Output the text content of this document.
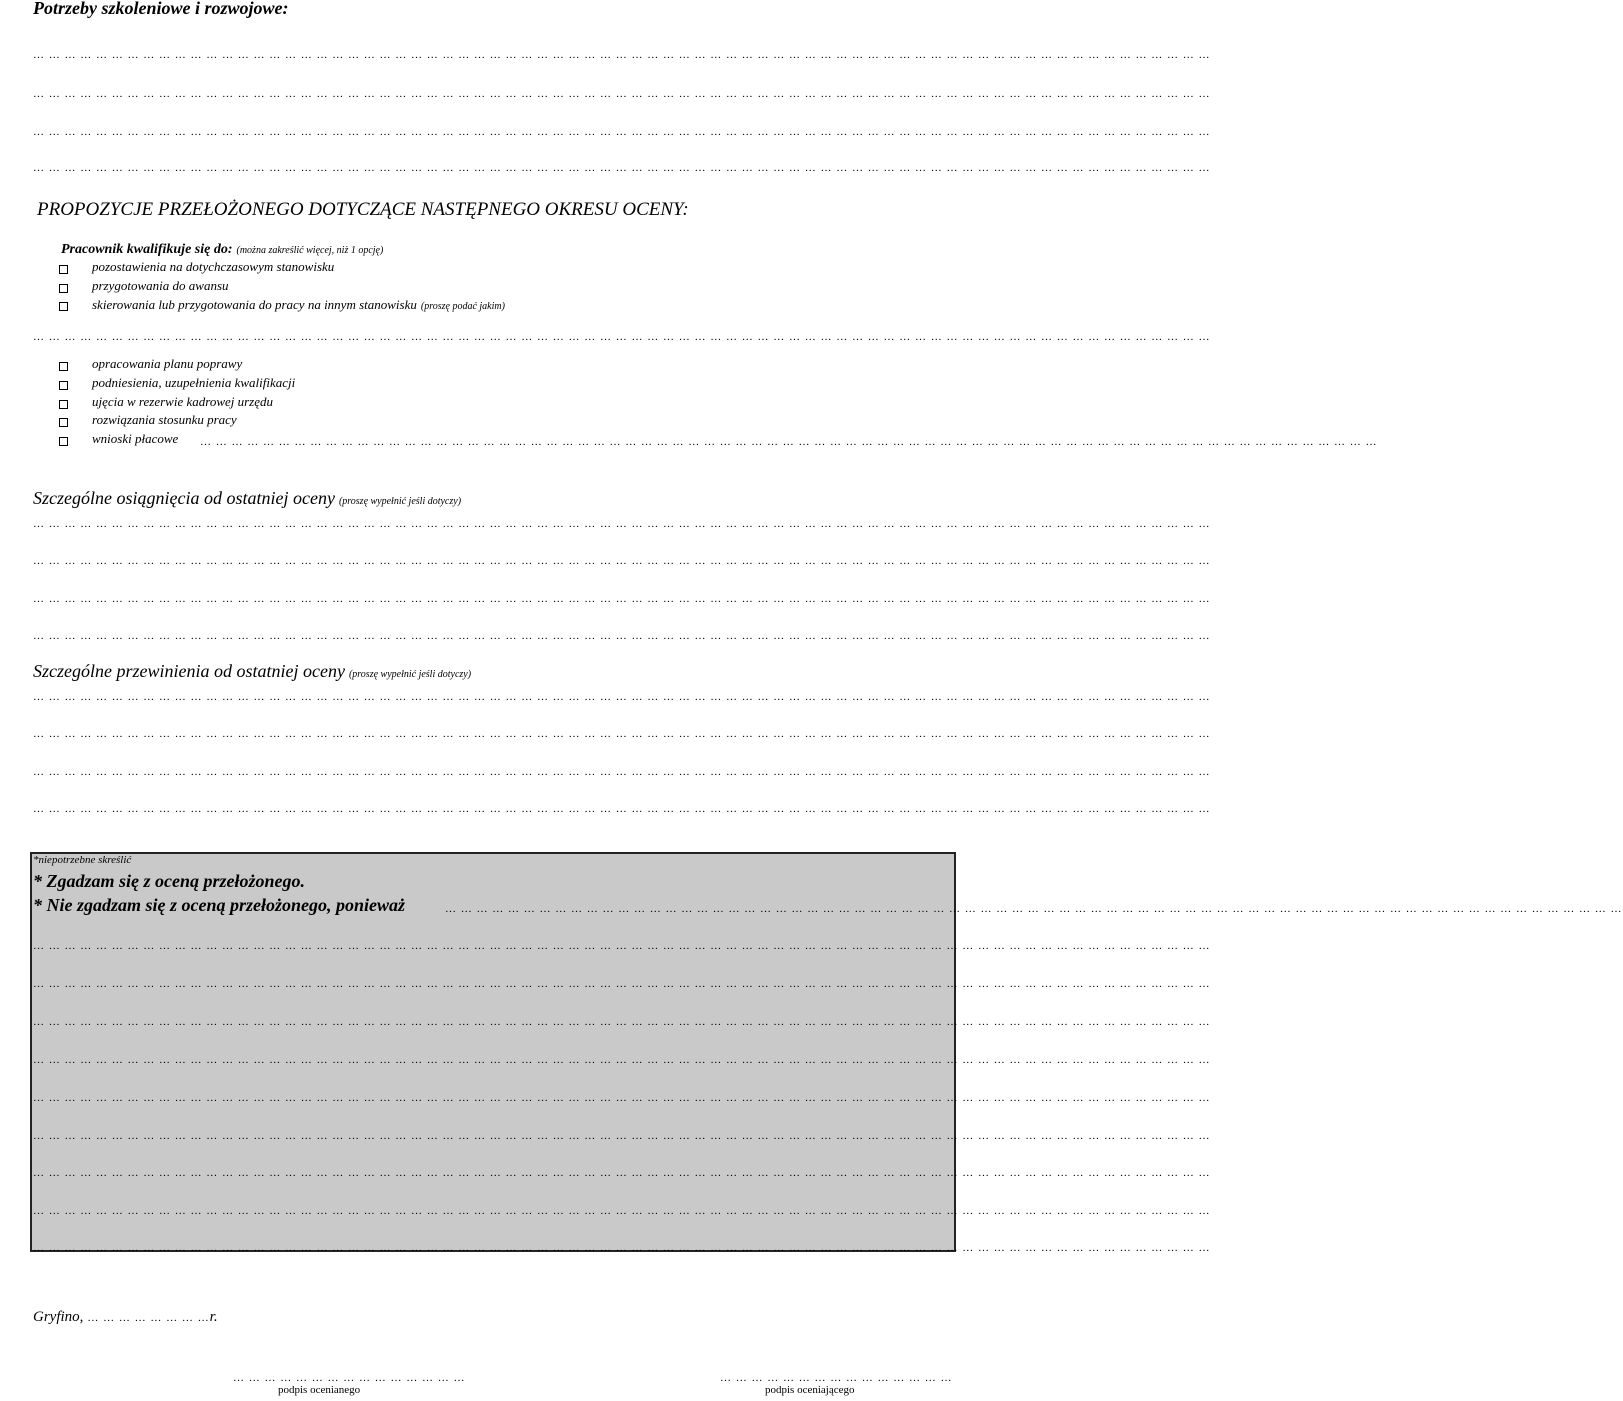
Potrzeby szkoleniowe i rozwojowe:
… … … … … … … … … … … … … … … … … … … … … … … … … … … … … … … … … … … … … … … … … … … … … … … … … … … … … … … … … … … … … … … … … … … … … … … … … … …
… … … … … … … … … … … … … … … … … … … … … … … … … … … … … … … … … … … … … … … … … … … … … … … … … … … … … … … … … … … … … … … … … … … … … … … … … … …
… … … … … … … … … … … … … … … … … … … … … … … … … … … … … … … … … … … … … … … … … … … … … … … … … … … … … … … … … … … … … … … … … … … … … … … … … … …
… … … … … … … … … … … … … … … … … … … … … … … … … … … … … … … … … … … … … … … … … … … … … … … … … … … … … … … … … … … … … … … … … … … … … … … … … … …
PROPOZYCJE PRZEŁOŻONEGO DOTYCZĄCE NASTĘPNEGO OKRESU OCENY:
Pracownik kwalifikuje się do: (można zakreślić więcej, niż 1 opcję)
pozostawienia na dotychczasowym stanowisku
przygotowania do awansu
skierowania lub przygotowania do pracy na innym stanowisku (proszę podać jakim)
… … … … … … … … … … … … … … … … … … … … … … … … … … … … … … … … … … … … … … … … … … … … … … … … … … … … … … … … … … … … … … … … … … … … … … … … … … …
opracowania planu poprawy
podniesienia, uzupełnienia kwalifikacji
ujęcia w rezerwie kadrowej urzędu
rozwiązania stosunku pracy
wnioski płacowe … … … … … … … … … … … … … … … … … … … … … … … … … … … … … … … … … … … … … … … … … … … … … … … … … … … … … … … … … … … … … … … … … … … … … … … … … … …
Szczególne osiągnięcia od ostatniej oceny (proszę wypełnić jeśli dotyczy)
… … … … … … … … … … … … … … … … … … … … … … … … … … … … … … … … … … … … … … … … … … … … … … … … … … … … … … … … … … … … … … … … … … … … … … … … … … …
… … … … … … … … … … … … … … … … … … … … … … … … … … … … … … … … … … … … … … … … … … … … … … … … … … … … … … … … … … … … … … … … … … … … … … … … … … …
… … … … … … … … … … … … … … … … … … … … … … … … … … … … … … … … … … … … … … … … … … … … … … … … … … … … … … … … … … … … … … … … … … … … … … … … … … …
… … … … … … … … … … … … … … … … … … … … … … … … … … … … … … … … … … … … … … … … … … … … … … … … … … … … … … … … … … … … … … … … … … … … … … … … … … …
Szczególne przewinienia od ostatniej oceny (proszę wypełnić jeśli dotyczy)
… … … … … … … … … … … … … … … … … … … … … … … … … … … … … … … … … … … … … … … … … … … … … … … … … … … … … … … … … … … … … … … … … … … … … … … … … … …
… … … … … … … … … … … … … … … … … … … … … … … … … … … … … … … … … … … … … … … … … … … … … … … … … … … … … … … … … … … … … … … … … … … … … … … … … … …
… … … … … … … … … … … … … … … … … … … … … … … … … … … … … … … … … … … … … … … … … … … … … … … … … … … … … … … … … … … … … … … … … … … … … … … … … … …
… … … … … … … … … … … … … … … … … … … … … … … … … … … … … … … … … … … … … … … … … … … … … … … … … … … … … … … … … … … … … … … … … … … … … … … … … … …
*niepotrzebne skreślić
* Zgadzam się z oceną przełożonego.
* Nie zgadzam się z oceną przełożonego, ponieważ	… … … … … … … … … … … … … … … … … … … … … … … … … … … … … … … … … … … … … … … … … … … … … … … … … … … … … … … … … … … … … … … … … … … … … … … … … … …
… … … … … … … … … … … … … … … … … … … … … … … … … … … … … … … … … … … … … … … … … … … … … … … … … … … … … … … … … … … … … … … … … … … … … … … … … … …
… … … … … … … … … … … … … … … … … … … … … … … … … … … … … … … … … … … … … … … … … … … … … … … … … … … … … … … … … … … … … … … … … … … … … … … … … … …
… … … … … … … … … … … … … … … … … … … … … … … … … … … … … … … … … … … … … … … … … … … … … … … … … … … … … … … … … … … … … … … … … … … … … … … … … … …
… … … … … … … … … … … … … … … … … … … … … … … … … … … … … … … … … … … … … … … … … … … … … … … … … … … … … … … … … … … … … … … … … … … … … … … … … … …
… … … … … … … … … … … … … … … … … … … … … … … … … … … … … … … … … … … … … … … … … … … … … … … … … … … … … … … … … … … … … … … … … … … … … … … … … … …
… … … … … … … … … … … … … … … … … … … … … … … … … … … … … … … … … … … … … … … … … … … … … … … … … … … … … … … … … … … … … … … … … … … … … … … … … … …
… … … … … … … … … … … … … … … … … … … … … … … … … … … … … … … … … … … … … … … … … … … … … … … … … … … … … … … … … … … … … … … … … … … … … … … … … … …
… … … … … … … … … … … … … … … … … … … … … … … … … … … … … … … … … … … … … … … … … … … … … … … … … … … … … … … … … … … … … … … … … … … … … … … … … … …
… … … … … … … … … … … … … … … … … … … … … … … … … … … … … … … … … … … … … … … … … … … … … … … … … … … … … … … … … … … … … … … … … … … … … … … … … … …
Gryfino, … … … … … … … …r.
… … … … … … … … … … … … … … …
podpis ocenianego
… … … … … … … … … … … … … … …
podpis oceniającego
